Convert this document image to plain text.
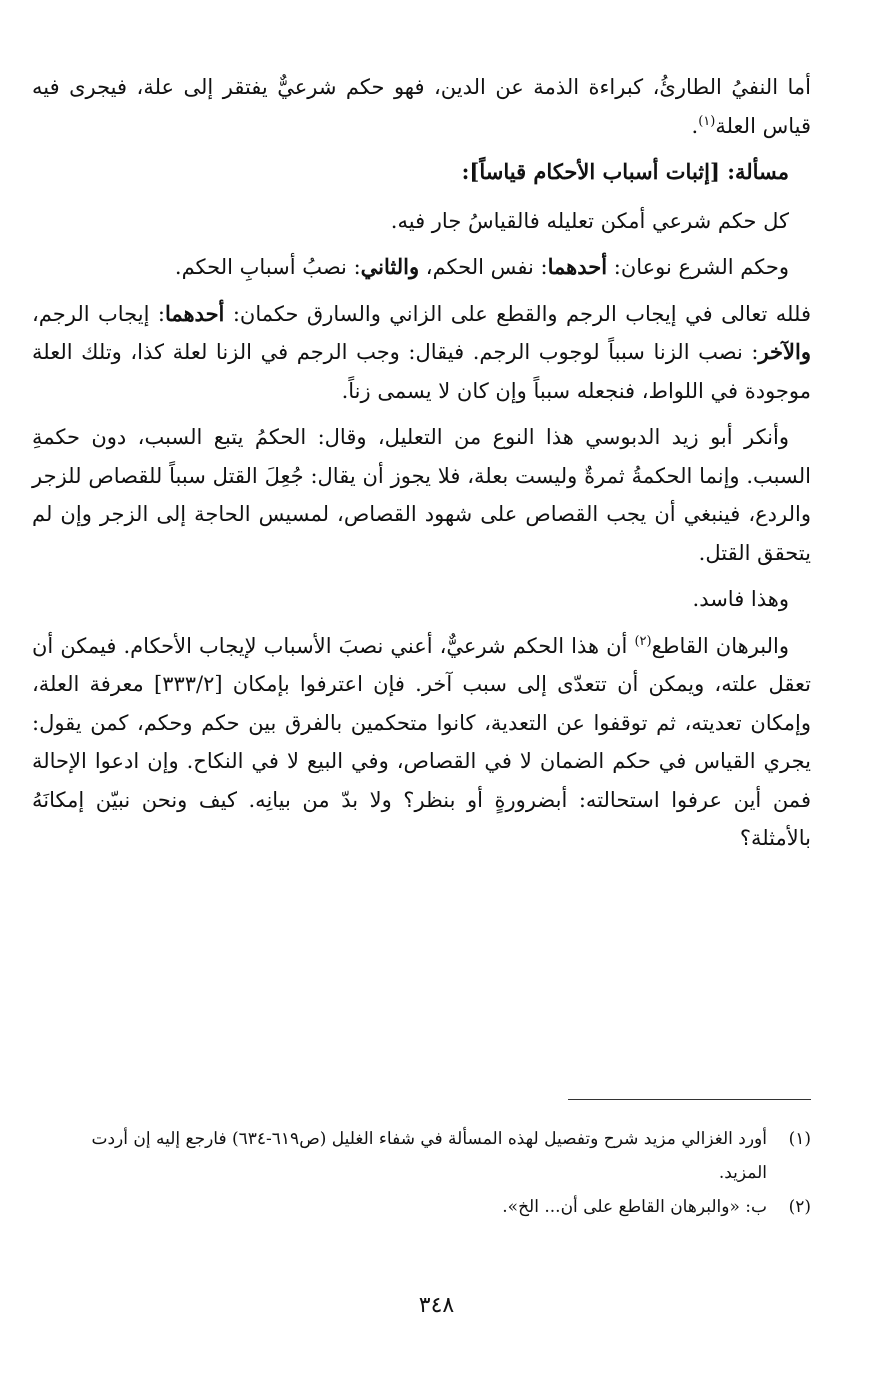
أما النفيُ الطارئُ، كبراءة الذمة عن الدين، فهو حكم شرعيٌّ يفتقر إلى علة، فيجرى فيه قياس العلة$^{(١)}$.

مسألة: [إثبات أسباب الأحكام قياساً]:

كل حكم شرعي أمكن تعليله فالقياسُ جار فيه.

وحكم الشرع نوعان: أحدهما: نفس الحكم، والثاني: نصبُ أسبابِ الحكم.

فلله تعالى في إيجاب الرجم والقطع على الزاني والسارق حكمان: أحدهما: إيجاب الرجم، والآخر: نصب الزنا سبباً لوجوب الرجم. فيقال: وجب الرجم في الزنا لعلة كذا، وتلك العلة موجودة في اللواط، فنجعله سبباً وإن كان لا يسمى زناً.

وأنكر أبو زيد الدبوسي هذا النوع من التعليل، وقال: الحكمُ يتبع السبب، دون حكمةِ السبب. وإنما الحكمةُ ثمرةٌ وليست بعلة، فلا يجوز أن يقال: جُعِلَ القتل سبباً للقصاص للزجر والردع، فينبغي أن يجب القصاص على شهود القصاص، لمسيس الحاجة إلى الزجر وإن لم يتحقق القتل.

وهذا فاسد.

والبرهان القاطع$^{(٢)}$ أن هذا الحكم شرعيٌّ، أعني نصبَ الأسباب لإيجاب الأحكام. فيمكن أن تعقل علته، ويمكن أن تتعدّى إلى سبب آخر. فإن اعترفوا بإمكان [٣٣٣/٢] معرفة العلة، وإمكان تعديته، ثم توقفوا عن التعدية، كانوا متحكمين بالفرق بين حكم وحكم، كمن يقول: يجري القياس في حكم الضمان لا في القصاص، وفي البيع لا في النكاح. وإن ادعوا الإحالة فمن أين عرفوا استحالته: أبضرورةٍ أو بنظر؟ ولا بدّ من بيانِه. كيف ونحن نبيّن إمكانَهُ بالأمثلة؟

(١)
أورد الغزالي مزيد شرح وتفصيل لهذه المسألة في شفاء الغليل (ص٦١٩-٦٣٤) فارجع إليه إن أردت المزيد.
(٢)
ب: «والبرهان القاطع على أن... الخ».
٣٤٨
